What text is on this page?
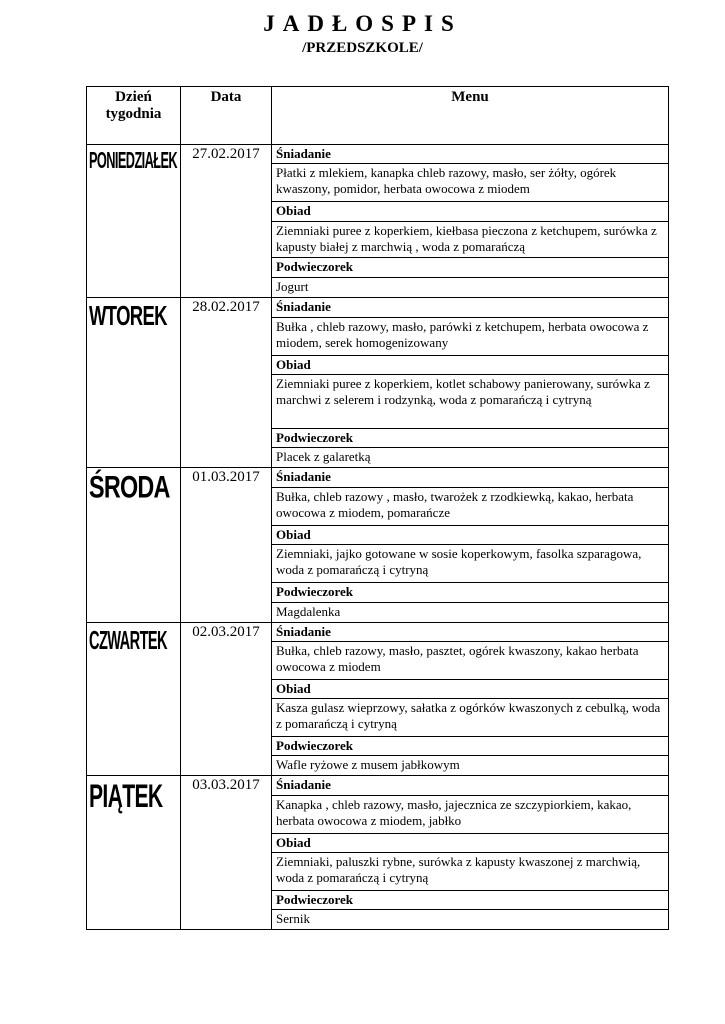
JADŁOSPIS
/PRZEDSZKOLE/
Dzień tygodnia	Data	Menu

PONIEDZIAŁEK	27.02.2017	Śniadanie
		Płatki z mlekiem, kanapka chleb razowy, masło, ser żółty, ogórek kwaszony, pomidor, herbata owocowa z miodem
		Obiad
		Ziemniaki puree z koperkiem, kiełbasa pieczona z ketchupem, surówka z kapusty białej z marchwią , woda z pomarańczą
		Podwieczorek
		Jogurt

WTOREK	28.02.2017	Śniadanie
		Bułka , chleb razowy, masło, parówki z ketchupem, herbata owocowa z miodem, serek homogenizowany
		Obiad
		Ziemniaki puree z koperkiem, kotlet schabowy panierowany, surówka z marchwi z selerem i rodzynką, woda z pomarańczą i cytryną
		Podwieczorek
		Placek z galaretką

ŚRODA	01.03.2017	Śniadanie
		Bułka, chleb razowy , masło, twarożek z rzodkiewką, kakao, herbata owocowa z miodem, pomarańcze
		Obiad
		Ziemniaki, jajko gotowane w sosie koperkowym, fasolka szparagowa, woda z pomarańczą i cytryną
		Podwieczorek
		Magdalenka

CZWARTEK	02.03.2017	Śniadanie
		Bułka, chleb razowy, masło, pasztet, ogórek kwaszony, kakao herbata owocowa z miodem
		Obiad
		Kasza gulasz wieprzowy, sałatka z ogórków kwaszonych z cebulką, woda z pomarańczą i cytryną
		Podwieczorek
		Wafle ryżowe z musem jabłkowym

PIĄTEK	03.03.2017	Śniadanie
		Kanapka , chleb razowy, masło, jajecznica ze szczypiorkiem, kakao, herbata owocowa z miodem, jabłko
		Obiad
		Ziemniaki, paluszki rybne, surówka z kapusty kwaszonej z marchwią, woda z pomarańczą i cytryną
		Podwieczorek
		Sernik
